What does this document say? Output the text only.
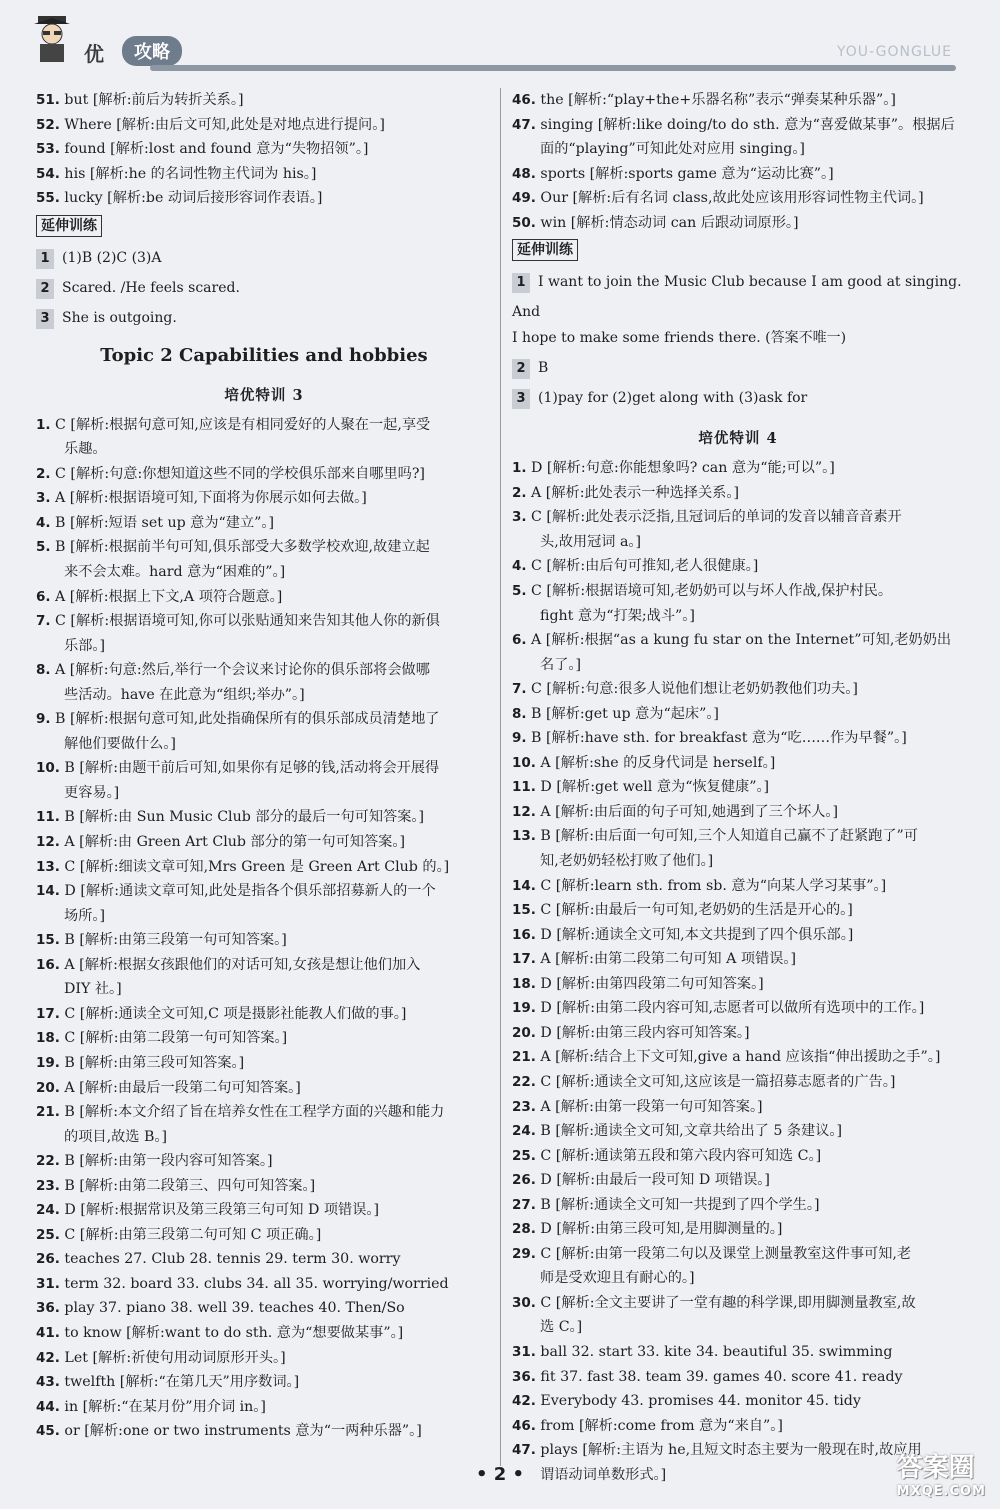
优	攻略	YOU-GONGLUE

51. but [解析:前后为转折关系。]

52. Where [解析:由后文可知,此处是对地点进行提问。]

53. found [解析:lost and found 意为“失物招领”。]

54. his [解析:he 的名词性物主代词为 his。]

55. lucky [解析:be 动词后接形容词作表语。]

延伸训练

1 (1)B (2)C (3)A

2 Scared. /He feels scared.

3 She is outgoing.

Topic 2 Capabilities and hobbies
培优特训 3

1. C [解析:根据句意可知,应该是有相同爱好的人聚在一起,享受

乐趣。

2. C [解析:句意:你想知道这些不同的学校俱乐部来自哪里吗?]

3. A [解析:根据语境可知,下面将为你展示如何去做。]

4. B [解析:短语 set up 意为“建立”。]

5. B [解析:根据前半句可知,俱乐部受大多数学校欢迎,故建立起

来不会太难。hard 意为“困难的”。]

6. A [解析:根据上下文,A 项符合题意。]

7. C [解析:根据语境可知,你可以张贴通知来告知其他人你的新俱

乐部。]

8. A [解析:句意:然后,举行一个会议来讨论你的俱乐部将会做哪

些活动。have 在此意为“组织;举办”。]

9. B [解析:根据句意可知,此处指确保所有的俱乐部成员清楚地了

解他们要做什么。]

10. B [解析:由题干前后可知,如果你有足够的钱,活动将会开展得

更容易。]

11. B [解析:由 Sun Music Club 部分的最后一句可知答案。]

12. A [解析:由 Green Art Club 部分的第一句可知答案。]

13. C [解析:细读文章可知,Mrs Green 是 Green Art Club 的。]

14. D [解析:通读文章可知,此处是指各个俱乐部招募新人的一个

场所。]

15. B [解析:由第三段第一句可知答案。]

16. A [解析:根据女孩跟他们的对话可知,女孩是想让他们加入

DIY 社。]

17. C [解析:通读全文可知,C 项是摄影社能教人们做的事。]

18. C [解析:由第二段第一句可知答案。]

19. B [解析:由第三段可知答案。]

20. A [解析:由最后一段第二句可知答案。]

21. B [解析:本文介绍了旨在培养女性在工程学方面的兴趣和能力

的项目,故选 B。]

22. B [解析:由第一段内容可知答案。]

23. B [解析:由第二段第三、四句可知答案。]

24. D [解析:根据常识及第三段第三句可知 D 项错误。]

25. C [解析:由第三段第二句可知 C 项正确。]

26. teaches 27. Club 28. tennis 29. term 30. worry

31. term 32. board 33. clubs 34. all 35. worrying/worried

36. play 37. piano 38. well 39. teaches 40. Then/So

41. to know [解析:want to do sth. 意为“想要做某事”。]

42. Let [解析:祈使句用动词原形开头。]

43. twelfth [解析:“在第几天”用序数词。]

44. in [解析:“在某月份”用介词 in。]

45. or [解析:one or two instruments 意为“一两种乐器”。]

46. the [解析:“play+the+乐器名称”表示“弹奏某种乐器”。]

47. singing [解析:like doing/to do sth. 意为“喜爱做某事”。根据后

面的“playing”可知此处对应用 singing。]

48. sports [解析:sports game 意为“运动比赛”。]

49. Our [解析:后有名词 class,故此处应该用形容词性物主代词。]

50. win [解析:情态动词 can 后跟动词原形。]

延伸训练

1 I want to join the Music Club because I am good at singing. And

I hope to make some friends there. (答案不唯一)

2 B

3 (1)pay for (2)get along with (3)ask for

培优特训 4

1. D [解析:句意:你能想象吗? can 意为“能;可以”。]

2. A [解析:此处表示一种选择关系。]

3. C [解析:此处表示泛指,且冠词后的单词的发音以辅音音素开

头,故用冠词 a。]

4. C [解析:由后句可推知,老人很健康。]

5. C [解析:根据语境可知,老奶奶可以与坏人作战,保护村民。

fight 意为“打架;战斗”。]

6. A [解析:根据“as a kung fu star on the Internet”可知,老奶奶出

名了。]

7. C [解析:句意:很多人说他们想让老奶奶教他们功夫。]

8. B [解析:get up 意为“起床”。]

9. B [解析:have sth. for breakfast 意为“吃……作为早餐”。]

10. A [解析:she 的反身代词是 herself。]

11. D [解析:get well 意为“恢复健康”。]

12. A [解析:由后面的句子可知,她遇到了三个坏人。]

13. B [解析:由后面一句可知,三个人知道自己赢不了赶紧跑了”可

知,老奶奶轻松打败了他们。]

14. C [解析:learn sth. from sb. 意为“向某人学习某事”。]

15. C [解析:由最后一句可知,老奶奶的生活是开心的。]

16. D [解析:通读全文可知,本文共提到了四个俱乐部。]

17. A [解析:由第二段第二句可知 A 项错误。]

18. D [解析:由第四段第二句可知答案。]

19. D [解析:由第二段内容可知,志愿者可以做所有选项中的工作。]

20. D [解析:由第三段内容可知答案。]

21. A [解析:结合上下文可知,give a hand 应该指“伸出援助之手”。]

22. C [解析:通读全文可知,这应该是一篇招募志愿者的广告。]

23. A [解析:由第一段第一句可知答案。]

24. B [解析:通读全文可知,文章共给出了 5 条建议。]

25. C [解析:通读第五段和第六段内容可知选 C。]

26. D [解析:由最后一段可知 D 项错误。]

27. B [解析:通读全文可知一共提到了四个学生。]

28. D [解析:由第三段可知,是用脚测量的。]

29. C [解析:由第一段第二句以及课堂上测量教室这件事可知,老

师是受欢迎且有耐心的。]

30. C [解析:全文主要讲了一堂有趣的科学课,即用脚测量教室,故

选 C。]

31. ball 32. start 33. kite 34. beautiful 35. swimming

36. fit 37. fast 38. team 39. games 40. score 41. ready

42. Everybody 43. promises 44. monitor 45. tidy

46. from [解析:come from 意为“来自”。]

47. plays [解析:主语为 he,且短文时态主要为一般现在时,故应用

谓语动词单数形式。]

• 2 •	答案圈
MXQE.COM
